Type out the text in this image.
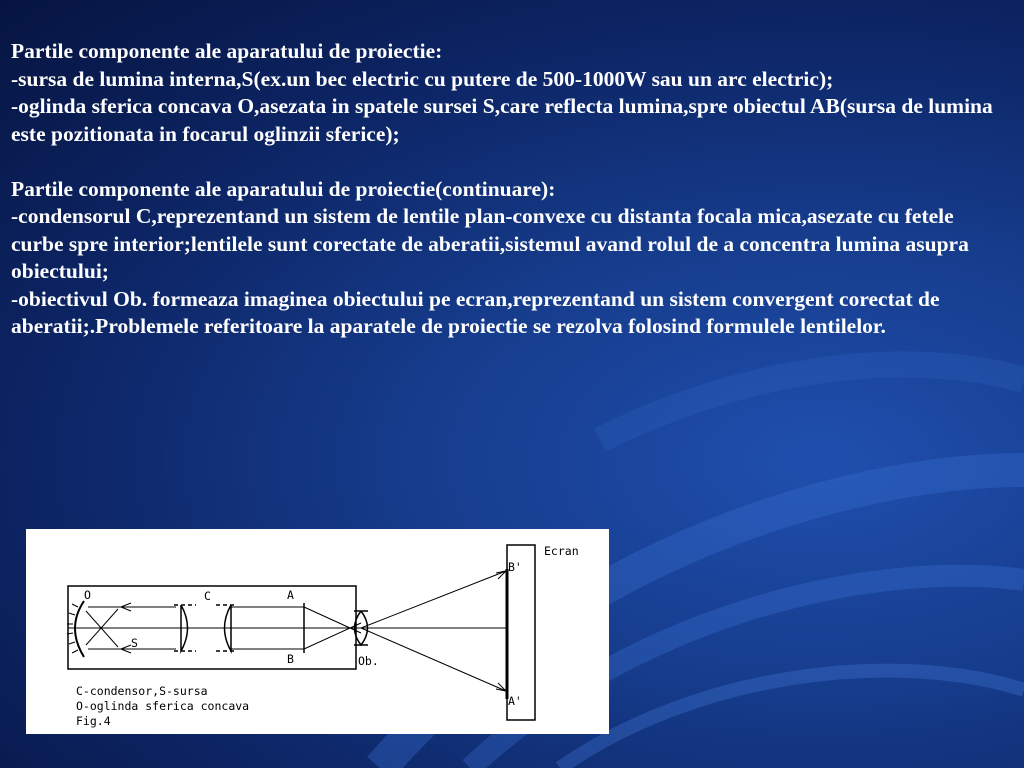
Partile componente ale aparatului de proiectie:

-sursa de lumina interna,S(ex.un bec electric cu putere de 500-1000W sau un arc electric);

-oglinda sferica concava O,asezata in spatele sursei S,care reflecta lumina,spre obiectul AB(sursa de lumina este pozitionata in focarul oglinzii sferice);

Partile componente ale aparatului de proiectie(continuare):

-condensorul C,reprezentand un sistem de lentile plan-convexe cu distanta focala mica,asezate cu fetele curbe spre interior;lentilele sunt corectate de aberatii,sistemul avand rolul de a concentra lumina asupra obiectului;

-obiectivul Ob. formeaza imaginea obiectului pe ecran,reprezentand un sistem convergent corectat de aberatii;.Problemele referitoare la aparatele de proiectie se rezolva folosind formulele lentilelor.

Ecran
B'
A'
O	C	A
S
B	Ob.
C-condensor,S-sursa
O-oglinda sferica concava
Fig.4
